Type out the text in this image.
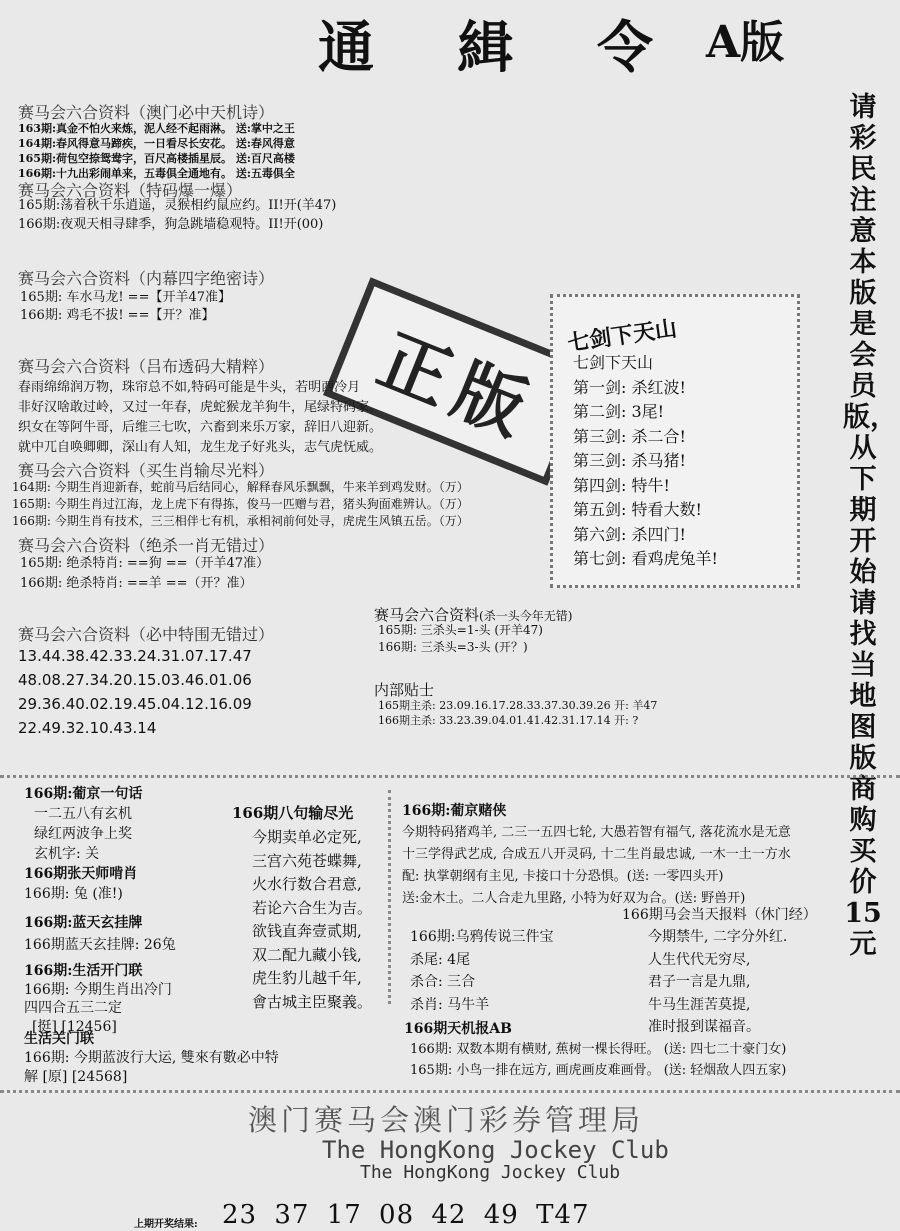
通 緝 令 A版
请彩民注意本版是会员版，从下期开始请找当地图版商购买价15元
赛马会六合资料（澳门必中天机诗）
163期:真金不怕火来炼，泥人经不起雨淋。 送:掌中之王
164期:春风得意马蹄疾，一日看尽长安花。 送:春风得意
165期:荷包空捺鸳鸯字，百尺高楼插星辰。 送:百尺高楼
166期:十九出彩闹单来，五毒俱全通地有。 送:五毒俱全
赛马会六合资料（特码爆一爆）
165期:荡着秋千乐逍遥，灵猴相约鼠应约。II!开(羊47)
166期:夜观天相寻肆季，狗急跳墙稳观特。II!开(00)
赛马会六合资料（内幕四字绝密诗）
165期: 车水马龙! ==【开羊47准】
166期: 鸡毛不拔! ==【开？准】
正版
赛马会六合资料（吕布透码大精粹）
春雨绵绵润万物，珠帘总不如,特码可能是牛头，若明西冷月
非好汉啥敢过岭，又过一年春，虎蛇猴龙羊狗牛，尾绿特码家。
织女在等阿牛哥，后维三七吹，六畜到来乐万家，辞旧八迎新。
就中兀自唤卿卿，深山有人知，龙生龙子好兆头，志气虎怃威。
赛马会六合资料（买生肖输尽光料）
164期: 今期生肖迎新春，蛇前马后结同心，解释春风乐飘飘，牛来羊到鸡发财。（万）
165期: 今期生肖过江海，龙上虎下有得拣，俊马一匹赠与君，猪头狗面难辨认。（万）
166期: 今期生肖有技术，三三相伴七有机，承相祠前何处寻，虎虎生风镇五岳。（万）
赛马会六合资料（绝杀一肖无错过）
165期: 绝杀特肖: ==狗 ==（开羊47准）
166期: 绝杀特肖: ==羊 ==（开？准）
赛马会六合资料（必中特围无错过）
13.44.38.42.33.24.31.07.17.47
48.08.27.34.20.15.03.46.01.06
29.36.40.02.19.45.04.12.16.09
22.49.32.10.43.14
七剑下天山
七剑下天山
第一剑: 杀红波!
第二剑: 3尾!
第三剑: 杀二合!
第三剑: 杀马猪!
第四剑: 特牛!
第五剑: 特看大数!
第六剑: 杀四门!
第七剑: 看鸡虎兔羊!
赛马会六合资料(杀一头今年无错)
165期: 三杀头=1-头 (开羊47)
166期: 三杀头=3-头 (开？)
内部贴士
165期主杀: 23.09.16.17.28.33.37.30.39.26 开: 羊47
166期主杀: 33.23.39.04.01.41.42.31.17.14 开: ?
166期:葡京一句话
一二五八有玄机
绿红两波争上奖
玄机字: 关
166期张天师啃肖
166期: 兔 (准!)
166期:蓝天玄挂牌
166期蓝天玄挂牌: 26兔
166期:生活开门联
166期: 今期生肖出冷门
四四合五三二定
[挺] [12456]
生活关门联
166期: 今期蓝波行大运, 雙來有數必中特
解 [原] [24568]
166期八句输尽光
今期卖单必定死,
三宫六苑苍蝶舞,
火水行数合君意,
若论六合生为吉。
欲钱直奔壹贰期,
双二配九藏小钱,
虎生豹儿越千年,
會古城主臣聚義。
166期:葡京赌侠
今期特码猪鸡羊, 二三一五四七轮, 大愚若智有福气, 落花流水是无意
十三学得武艺成, 合成五八开灵码, 十二生肖最忠诚, 一木一土一方水
配: 执掌朝纲有主见, 卡接口十分恐惧。(送: 一零四头开)
送:金木土。二人合走九里路, 小特为好双为合。(送: 野兽开)
166期:乌鸦传说三件宝
杀尾: 4尾
杀合: 三合
杀肖: 马牛羊
166期马会当天报料（休门经）
今期禁牛, 二字分外红.
人生代代无穷尽,
君子一言是九鼎,
牛马生涯苦莫提,
准时报到谋福音。
166期天机报AB
166期: 双数本期有横财, 蕉树一棵长得旺。 (送: 四七二十豪门女)
165期: 小鸟一排在远方, 画虎画皮难画骨。 (送: 轻烟敌人四五家)
澳门赛马会澳门彩券管理局
The HongKong Jockey Club
The HongKong Jockey Club
上期开奖结果: 23 37 17 08 42 49 T47
